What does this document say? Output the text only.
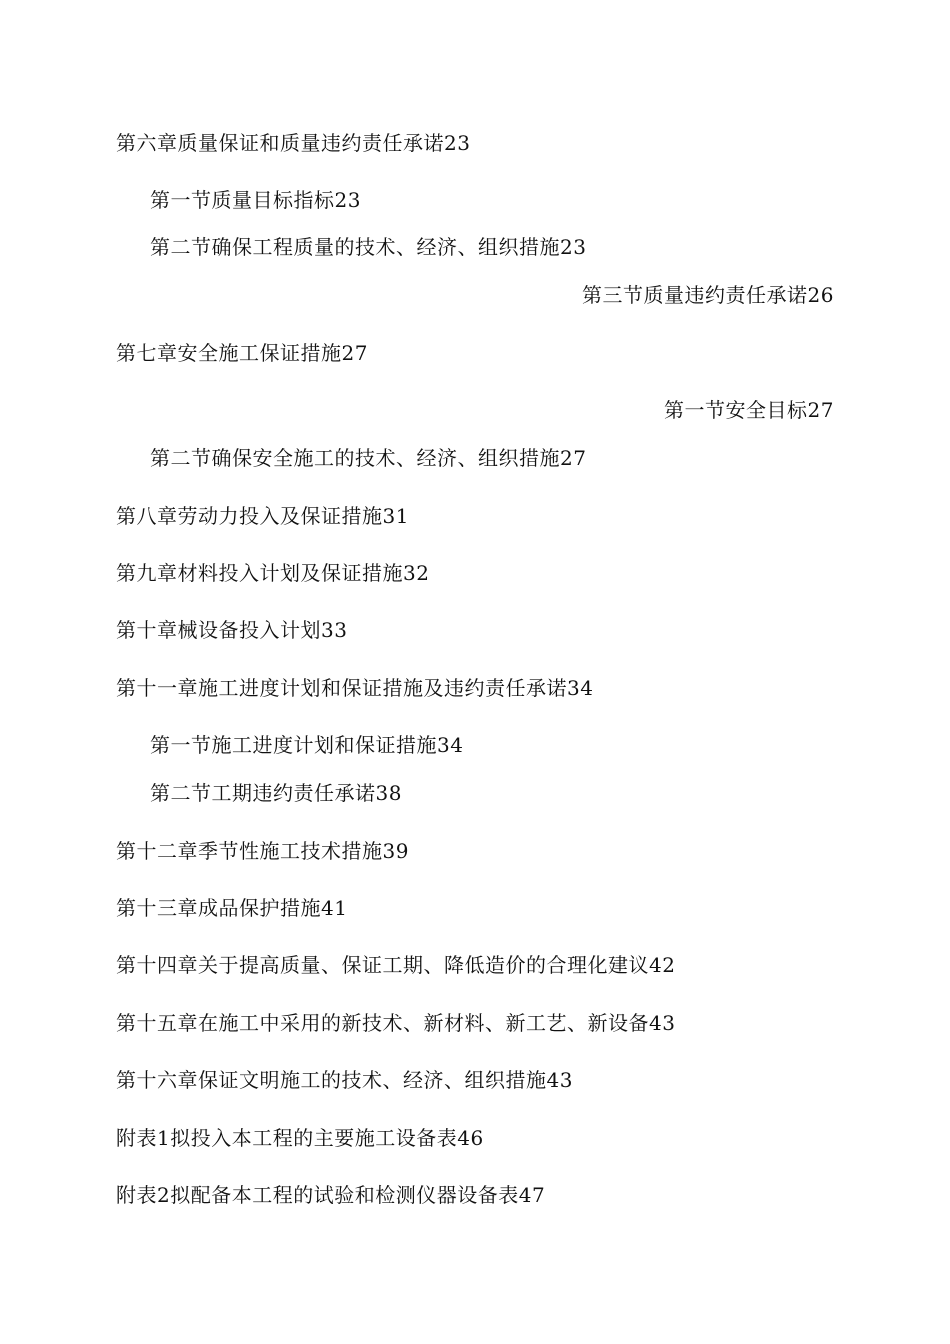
第六章质量保证和质量违约责任承诺23
第一节质量目标指标23
第二节确保工程质量的技术、经济、组织措施23
第三节质量违约责任承诺26
第七章安全施工保证措施27
第一节安全目标27
第二节确保安全施工的技术、经济、组织措施27
第八章劳动力投入及保证措施31
第九章材料投入计划及保证措施32
第十章械设备投入计划33
第十一章施工进度计划和保证措施及违约责任承诺34
第一节施工进度计划和保证措施34
第二节工期违约责任承诺38
第十二章季节性施工技术措施39
第十三章成品保护措施41
第十四章关于提高质量、保证工期、降低造价的合理化建议42
第十五章在施工中采用的新技术、新材料、新工艺、新设备43
第十六章保证文明施工的技术、经济、组织措施43
附表1拟投入本工程的主要施工设备表46
附表2拟配备本工程的试验和检测仪器设备表47
